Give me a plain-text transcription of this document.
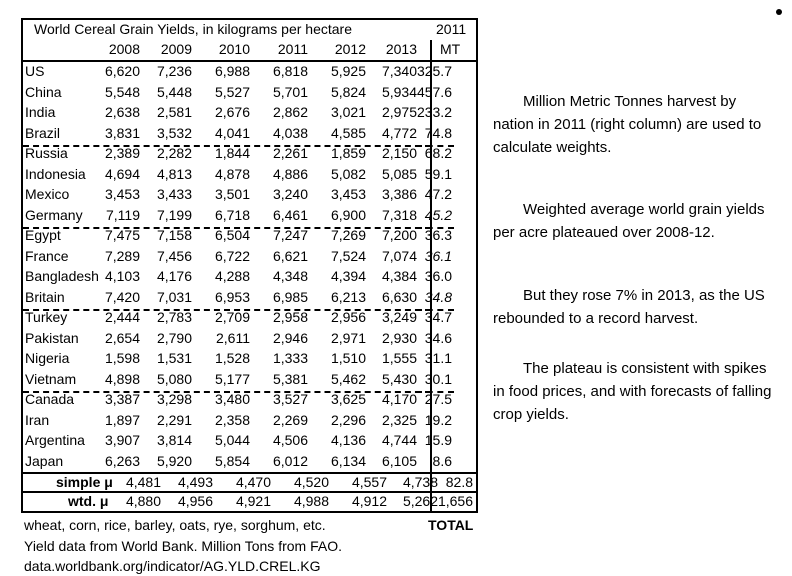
World Cereal Grain Yields, in kilograms per hectare	2011
MT
2008	2009	2010	2011	2012	2013
US	6,620	7,236	6,988	6,818	5,925	7,340 325.7
China	5,548	5,448	5,527	5,701	5,824	5,934 457.6
India	2,638	2,581	2,676	2,862	3,021	2,975 233.2
Brazil	3,831	3,532	4,041	4,038	4,585	4,772 74.8
Russia	2,389	2,282	1,844	2,261	1,859	2,150 68.2
Indonesia	4,694	4,813	4,878	4,886	5,082	5,085 59.1
Mexico	3,453	3,433	3,501	3,240	3,453	3,386 47.2
Germany	7,119	7,199	6,718	6,461	6,900	7,318 45.2
Egypt	7,475	7,158	6,504	7,247	7,269	7,200 36.3
France	7,289	7,456	6,722	6,621	7,524	7,074 36.1
Bangladesh 4,103	4,176	4,288	4,348	4,394	4,384 36.0
Britain	7,420	7,031	6,953	6,985	6,213	6,630 34.8
Turkey	2,444	2,783	2,709	2,958	2,956	3,249 34.7
Pakistan	2,654	2,790	2,611	2,946	2,971	2,930 34.6
Nigeria	1,598	1,531	1,528	1,333	1,510	1,555 31.1
Vietnam	4,898	5,080	5,177	5,381	5,462	5,430 30.1
Canada	3,387	3,298	3,480	3,527	3,625	4,170 27.5
Iran	1,897	2,291	2,358	2,269	2,296	2,325 19.2
Argentina	3,907	3,814	5,044	4,506	4,136	4,744 15.9
Japan	6,263	5,920	5,854	6,012	6,134	6,105	8.6
simple μ 4,481	4,493	4,470	4,520	4,557	4,738 82.8
wtd. μ	4,880	4,956	4,921	4,988	4,912	5,262 1,656
TOTAL
wheat, corn, rice, barley, oats, rye, sorghum, etc.
Yield data from World Bank. Million Tons from FAO.
data.worldbank.org/indicator/AG.YLD.CREL.KG

Million Metric Tonnes harvest by nation in 2011 (right column) are used to calculate weights.

Weighted average world grain yields per acre plateaued over 2008-12.

But they rose 7% in 2013, as the US rebounded to a record harvest.

The plateau is consistent with spikes in food prices, and with forecasts of falling crop yields.
